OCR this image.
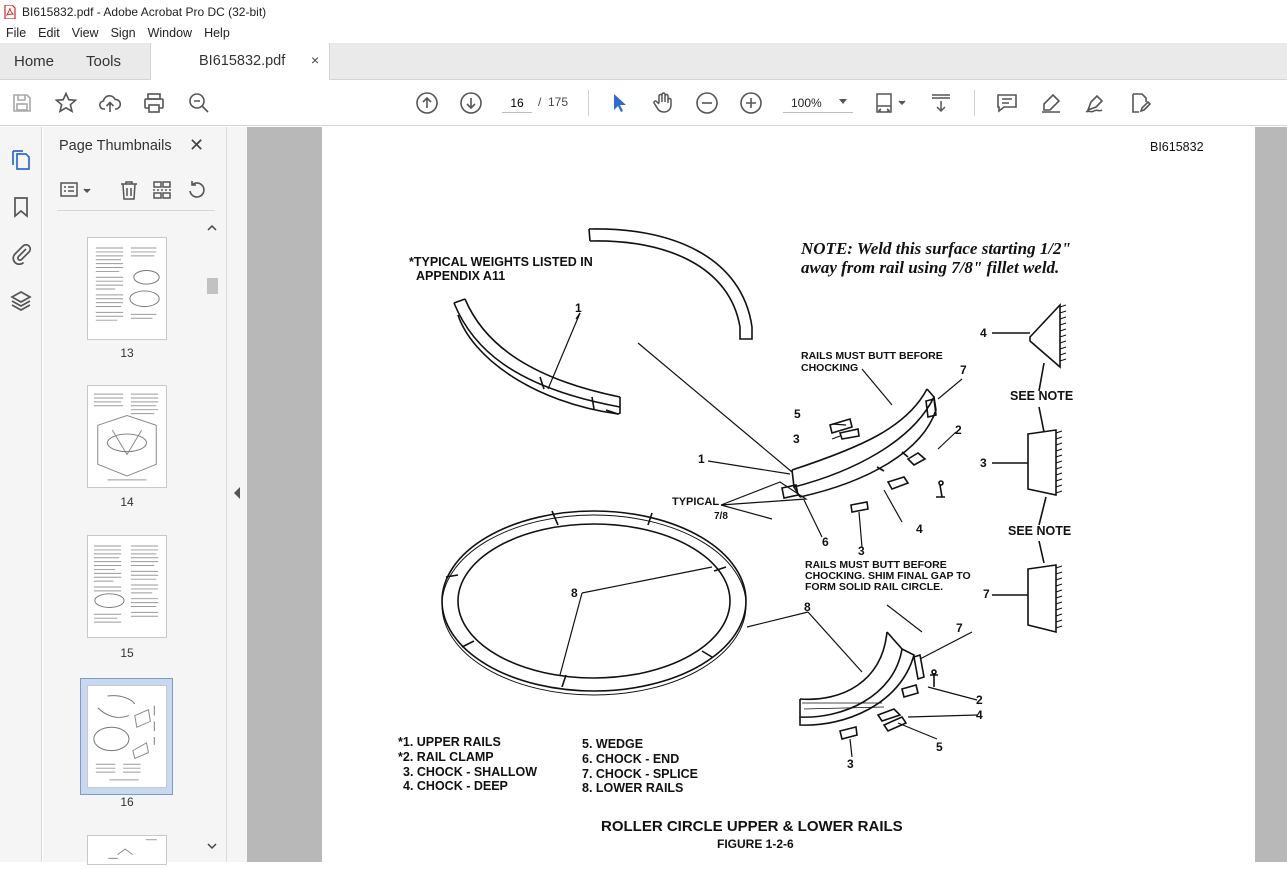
BI615832.pdf - Adobe Acrobat Pro DC (32-bit)
File Edit View Sign Window Help
Home Tools	BI615832.pdf ×
16
/ 175	100%
Page Thumbnails ✕
13
14
15
16
BI615832
*TYPICAL WEIGHTS LISTED IN
APPENDIX A11
NOTE: Weld this surface starting 1/2"
away from rail using 7/8" fillet weld.
RAILS MUST BUTT BEFORE
CHOCKING
RAILS MUST BUTT BEFORE
CHOCKING. SHIM FINAL GAP TO
FORM SOLID RAIL CIRCLE.
TYPICAL
7/8
SEE NOTE
SEE NOTE
1
1
8
8
5
3
7
2
4
6
3
4
3
7
7
2
4
5
3
*1. UPPER RAILS
*2. RAIL CLAMP
3. CHOCK - SHALLOW
4. CHOCK - DEEP
5. WEDGE
6. CHOCK - END
7. CHOCK - SPLICE
8. LOWER RAILS
ROLLER CIRCLE UPPER & LOWER RAILS
FIGURE 1-2-6
